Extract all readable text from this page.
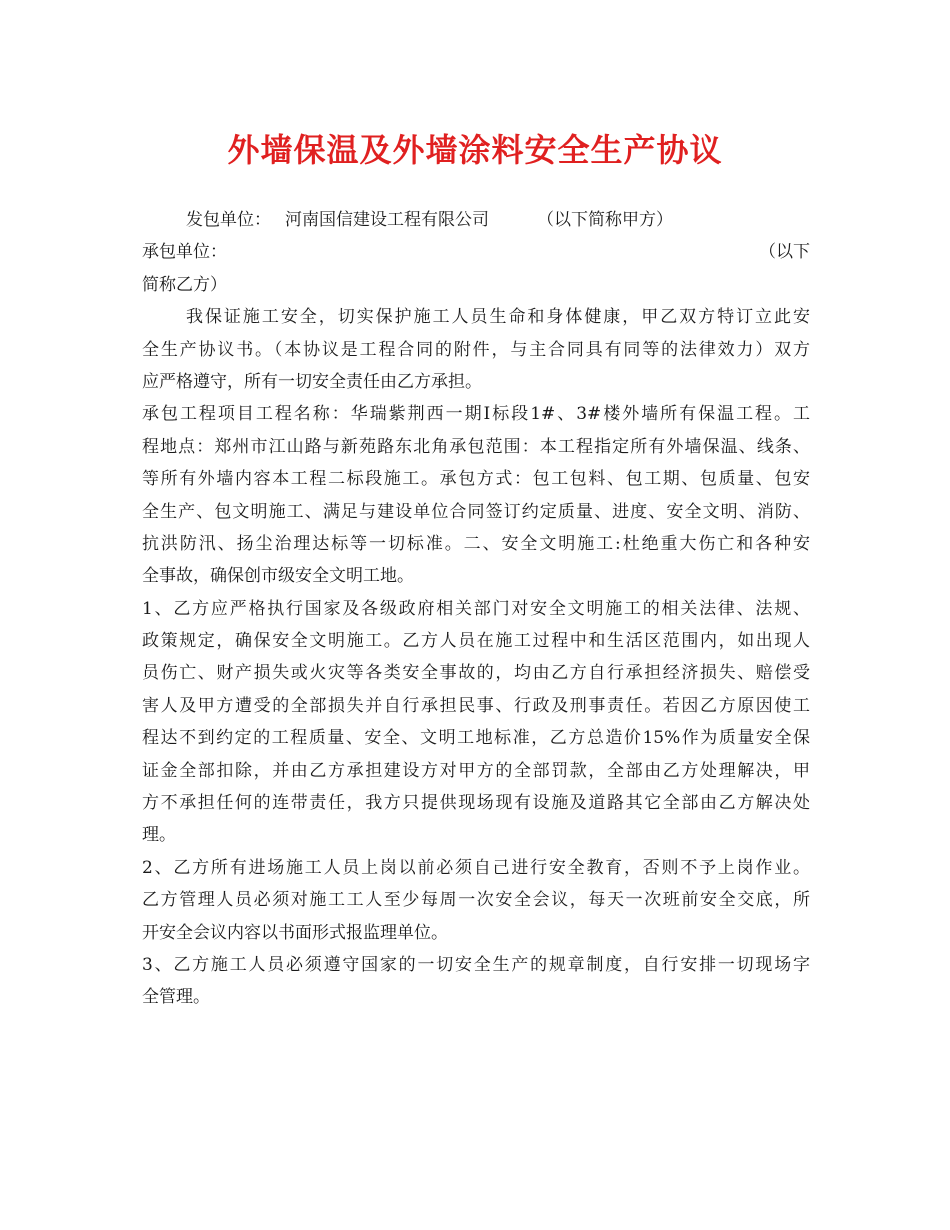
外墙保温及外墙涂料安全生产协议
发包单位： 河南国信建设工程有限公司	（以下简称甲方）
承包单位：	（以下
简称乙方）
我保证施工安全，切实保护施工人员生命和身体健康，甲乙双方特订立此安
全生产协议书。（本协议是工程合同的附件，与主合同具有同等的法律效力）双方
应严格遵守，所有一切安全责任由乙方承担。
承包工程项目工程名称：华瑞紫荆西一期Ⅰ标段1#、3#楼外墙所有保温工程。工
程地点：郑州市江山路与新苑路东北角承包范围：本工程指定所有外墙保温、线条、
等所有外墙内容本工程二标段施工。承包方式：包工包料、包工期、包质量、包安
全生产、包文明施工、满足与建设单位合同签订约定质量、进度、安全文明、消防、
抗洪防汛、扬尘治理达标等一切标准。二、安全文明施工:杜绝重大伤亡和各种安
全事故，确保创市级安全文明工地。
1、乙方应严格执行国家及各级政府相关部门对安全文明施工的相关法律、法规、
政策规定，确保安全文明施工。乙方人员在施工过程中和生活区范围内，如出现人
员伤亡、财产损失或火灾等各类安全事故的，均由乙方自行承担经济损失、赔偿受
害人及甲方遭受的全部损失并自行承担民事、行政及刑事责任。若因乙方原因使工
程达不到约定的工程质量、安全、文明工地标准，乙方总造价15%作为质量安全保
证金全部扣除，并由乙方承担建设方对甲方的全部罚款，全部由乙方处理解决，甲
方不承担任何的连带责任，我方只提供现场现有设施及道路其它全部由乙方解决处
理。
2、乙方所有进场施工人员上岗以前必须自己进行安全教育，否则不予上岗作业。
乙方管理人员必须对施工工人至少每周一次安全会议，每天一次班前安全交底，所
开安全会议内容以书面形式报监理单位。
3、乙方施工人员必须遵守国家的一切安全生产的规章制度，自行安排一切现场字
全管理。
